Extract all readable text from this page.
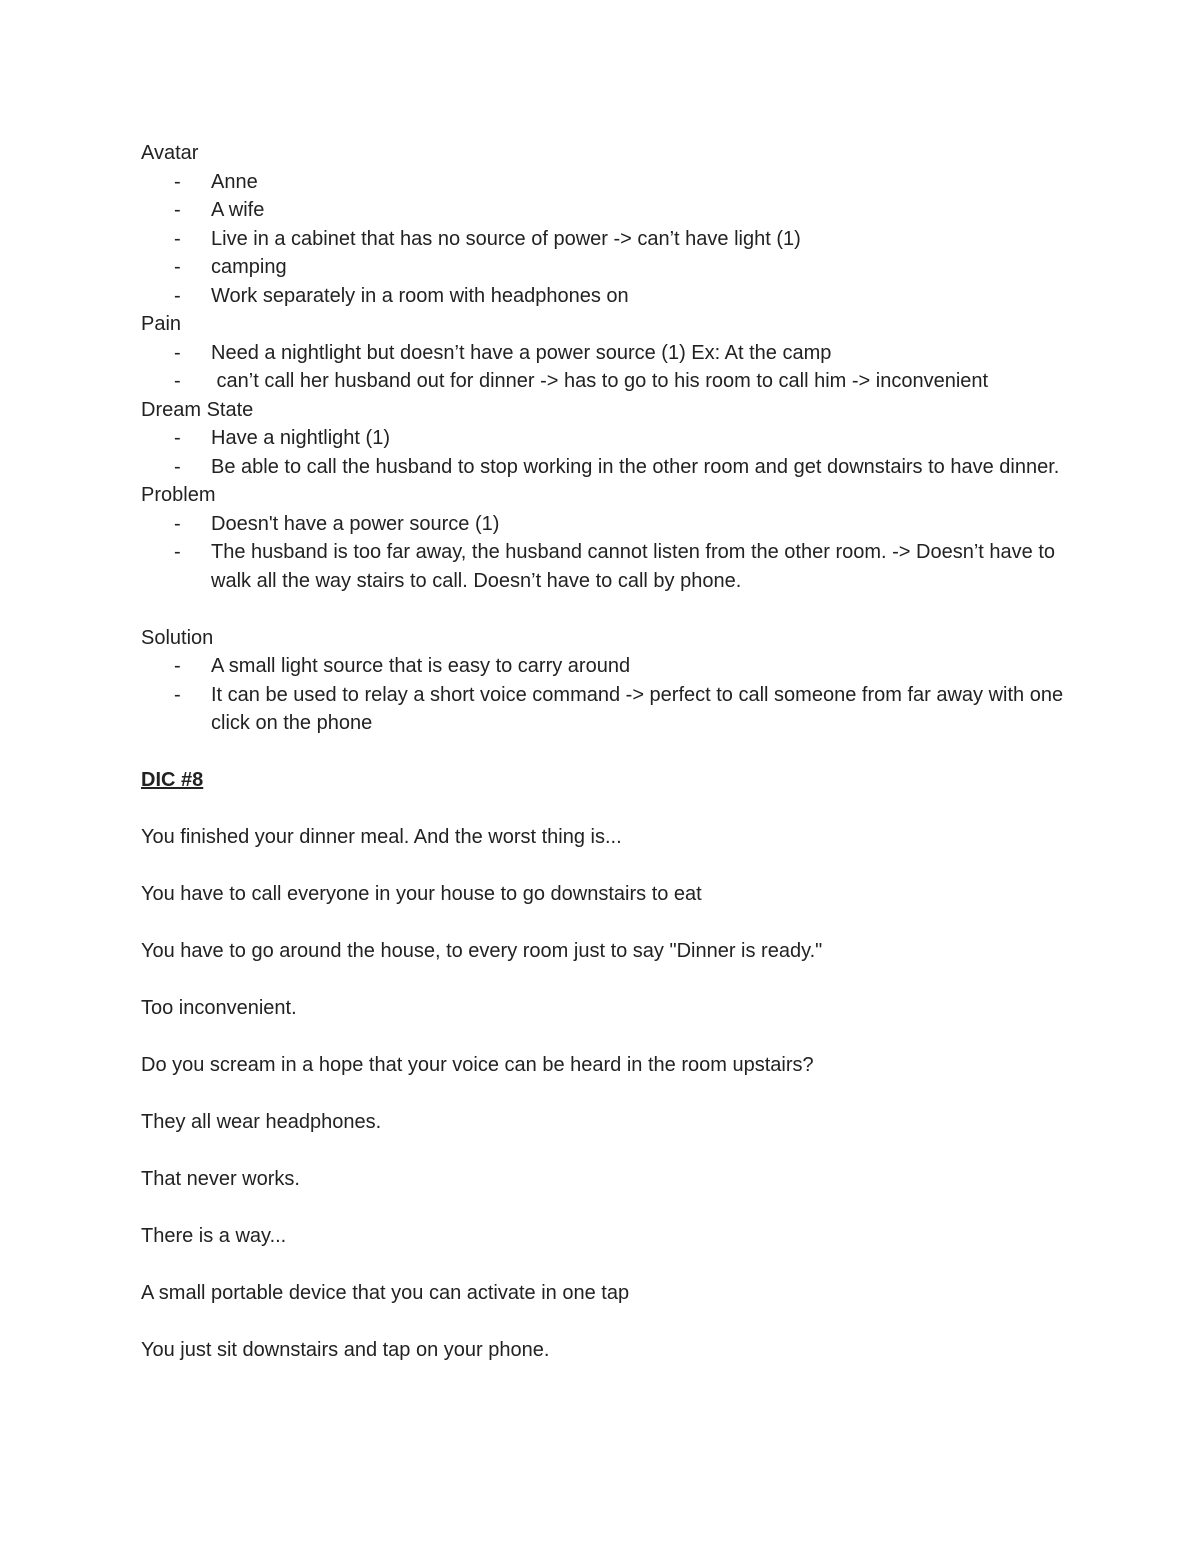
Avatar

- Anne
- A wife
- Live in a cabinet that has no source of power -> can’t have light (1)
- camping
- Work separately in a room with headphones on

Pain

- Need a nightlight but doesn’t have a power source (1) Ex: At the camp
-  can’t call her husband out for dinner -> has to go to his room to call him -> inconvenient

Dream State

- Have a nightlight (1)
- Be able to call the husband to stop working in the other room and get downstairs to have dinner.

Problem

- Doesn't have a power source (1)
- The husband is too far away, the husband cannot listen from the other room. -> Doesn’t have to walk all the way stairs to call. Doesn’t have to call by phone.

Solution

- A small light source that is easy to carry around
- It can be used to relay a short voice command -> perfect to call someone from far away with one click on the phone

DIC #8

You finished your dinner meal. And the worst thing is...

You have to call everyone in your house to go downstairs to eat

You have to go around the house, to every room just to say "Dinner is ready."

Too inconvenient.

Do you scream in a hope that your voice can be heard in the room upstairs?

They all wear headphones.

That never works.

There is a way...

A small portable device that you can activate in one tap

You just sit downstairs and tap on your phone.
